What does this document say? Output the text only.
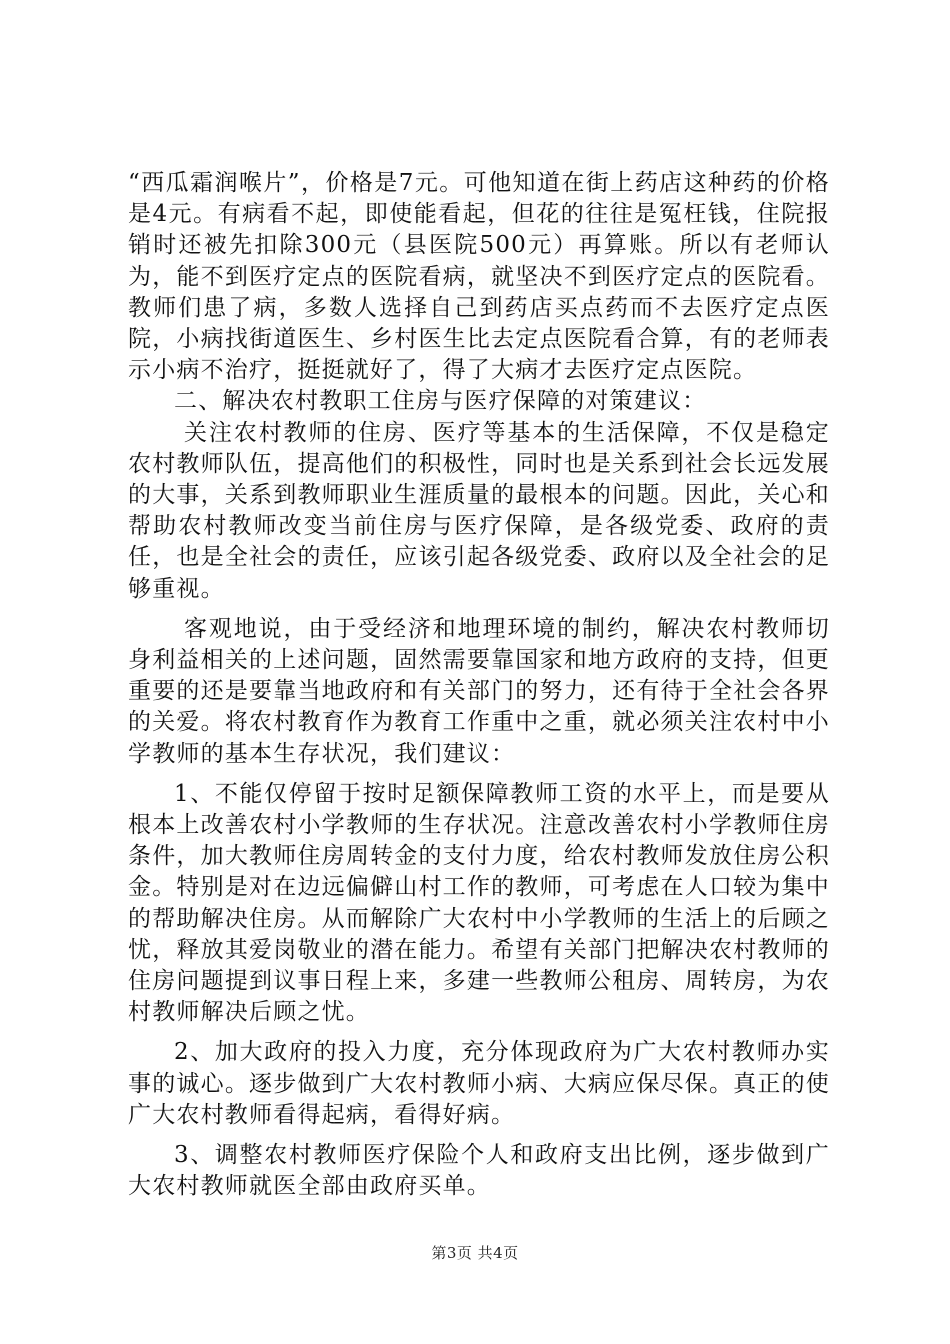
“西瓜霜润喉片”，价格是7元。可他知道在街上药店这种药的价格是4元。有病看不起，即使能看起，但花的往往是冤枉钱，住院报销时还被先扣除300元（县医院500元）再算账。所以有老师认为，能不到医疗定点的医院看病，就坚决不到医疗定点的医院看。教师们患了病，多数人选择自己到药店买点药而不去医疗定点医院，小病找街道医生、乡村医生比去定点医院看合算，有的老师表示小病不治疗，挺挺就好了，得了大病才去医疗定点医院。

二、解决农村教职工住房与医疗保障的对策建议：

关注农村教师的住房、医疗等基本的生活保障，不仅是稳定农村教师队伍，提高他们的积极性，同时也是关系到社会长远发展的大事，关系到教师职业生涯质量的最根本的问题。因此，关心和帮助农村教师改变当前住房与医疗保障，是各级党委、政府的责任，也是全社会的责任，应该引起各级党委、政府以及全社会的足够重视。

客观地说，由于受经济和地理环境的制约，解决农村教师切身利益相关的上述问题，固然需要靠国家和地方政府的支持，但更重要的还是要靠当地政府和有关部门的努力，还有待于全社会各界的关爱。将农村教育作为教育工作重中之重，就必须关注农村中小学教师的基本生存状况，我们建议：

1、不能仅停留于按时足额保障教师工资的水平上，而是要从根本上改善农村小学教师的生存状况。注意改善农村小学教师住房条件，加大教师住房周转金的支付力度，给农村教师发放住房公积金。特别是对在边远偏僻山村工作的教师，可考虑在人口较为集中的帮助解决住房。从而解除广大农村中小学教师的生活上的后顾之忧，释放其爱岗敬业的潜在能力。希望有关部门把解决农村教师的住房问题提到议事日程上来，多建一些教师公租房、周转房，为农村教师解决后顾之忧。

2、加大政府的投入力度，充分体现政府为广大农村教师办实事的诚心。逐步做到广大农村教师小病、大病应保尽保。真正的使广大农村教师看得起病，看得好病。

3、调整农村教师医疗保险个人和政府支出比例，逐步做到广大农村教师就医全部由政府买单。

第3页 共4页
